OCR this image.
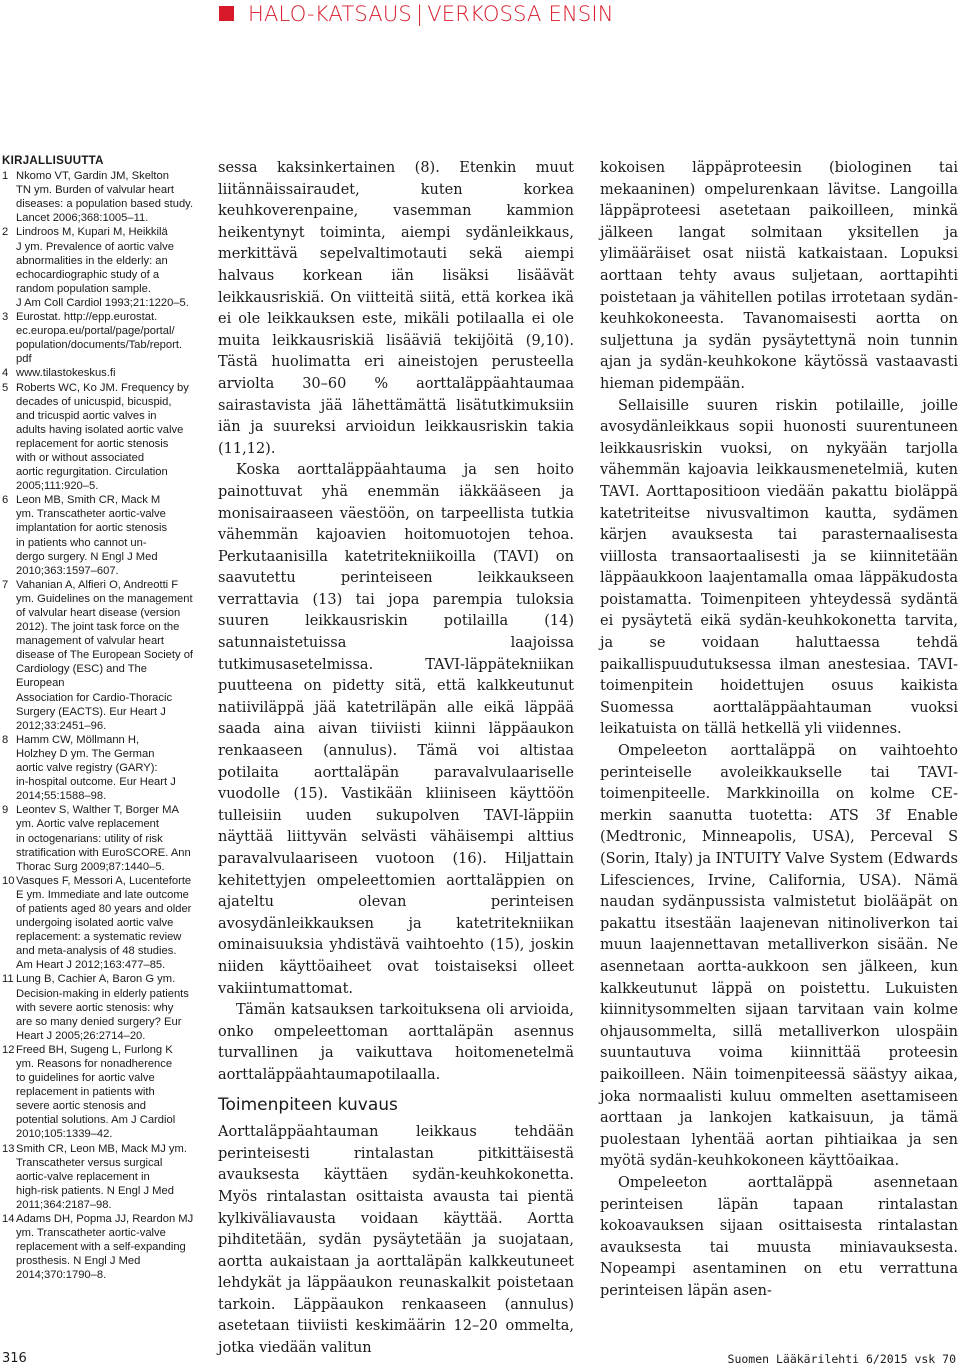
HALO-KATSAUS | VERKOSSA ENSIN
KIRJALLISUUTTA
1 Nkomo VT, Gardin JM, Skelton
TN ym. Burden of valvular heart
diseases: a population based study.
Lancet 2006;368:1005–11.
2 Lindroos M, Kupari M, Heikkilä
J ym. Prevalence of aortic valve
abnormalities in the elderly: an
echocardiographic study of a
random population sample.
J Am Coll Cardiol 1993;21:1220–5.
3 Eurostat. http://epp.eurostat.
ec.europa.eu/portal/page/portal/
population/documents/Tab/report.
pdf
4 www.tilastokeskus.fi
5 Roberts WC, Ko JM. Frequency by
decades of unicuspid, bicuspid,
and tricuspid aortic valves in
adults having isolated aortic valve
replacement for aortic stenosis
with or without associated
aortic regurgitation. Circulation
2005;111:920–5.
6 Leon MB, Smith CR, Mack M
ym. Transcatheter aortic-valve
implantation for aortic stenosis
in patients who cannot un-
dergo surgery. N Engl J Med
2010;363:1597–607.
7 Vahanian A, Alfieri O, Andreotti F
ym. Guidelines on the management
of valvular heart disease (version
2012). The joint task force on the
management of valvular heart
disease of The European Society of
Cardiology (ESC) and The European
Association for Cardio-Thoracic
Surgery (EACTS). Eur Heart J
2012;33:2451–96.
8 Hamm CW, Möllmann H,
Holzhey D ym. The German
aortic valve registry (GARY):
in-hospital outcome. Eur Heart J
2014;55:1588–98.
9 Leontev S, Walther T, Borger MA
ym. Aortic valve replacement
in octogenarians: utility of risk
stratification with EuroSCORE. Ann
Thorac Surg 2009;87:1440–5.
10 Vasques F, Messori A, Lucenteforte
E ym. Immediate and late outcome
of patients aged 80 years and older
undergoing isolated aortic valve
replacement: a systematic review
and meta-analysis of 48 studies.
Am Heart J 2012;163:477–85.
11 Lung B, Cachier A, Baron G ym.
Decision-making in elderly patients
with severe aortic stenosis: why
are so many denied surgery? Eur
Heart J 2005;26:2714–20.
12 Freed BH, Sugeng L, Furlong K
ym. Reasons for nonadherence
to guidelines for aortic valve
replacement in patients with
severe aortic stenosis and
potential solutions. Am J Cardiol
2010;105:1339–42.
13 Smith CR, Leon MB, Mack MJ ym.
Transcatheter versus surgical
aortic-valve replacement in
high-risk patients. N Engl J Med
2011;364:2187–98.
14 Adams DH, Popma JJ, Reardon MJ
ym. Transcatheter aortic-valve
replacement with a self-expanding
prosthesis. N Engl J Med
2014;370:1790–8.

sessa kaksinkertainen (8). Etenkin muut liitännäissairaudet, kuten korkea keuhkoverenpaine, vasemman kammion heikentynyt toiminta, aiempi sydänleikkaus, merkittävä sepelvaltimotauti sekä aiempi halvaus korkean iän lisäksi lisäävät leikkausriskiä. On viitteitä siitä, että korkea ikä ei ole leikkauksen este, mikäli potilaalla ei ole muita leikkausriskiä lisääviä tekijöitä (9,10). Tästä huolimatta eri aineistojen perusteella arviolta 30–60 % aorttaläppäahtaumaa sairastavista jää lähettämättä lisätutkimuksiin iän ja suureksi arvioidun leikkausriskin takia (11,12).

Koska aorttaläppäahtauma ja sen hoito painottuvat yhä enemmän iäkkääseen ja monisairaaseen väestöön, on tarpeellista tutkia vähemmän kajoavien hoitomuotojen tehoa. Perkutaanisilla katetritekniikoilla (TAVI) on saavutettu perinteiseen leikkaukseen verrattavia (13) tai jopa parempia tuloksia suuren leikkausriskin potilailla (14) satunnaistetuissa laajoissa tutkimusasetelmissa. TAVI-läppätekniikan puutteena on pidetty sitä, että kalkkeutunut natiiviläppä jää katetriläpän alle eikä läppää saada aina aivan tiiviisti kiinni läppäaukon renkaaseen (annulus). Tämä voi altistaa potilaita aorttaläpän paravalvulaariselle vuodolle (15). Vastikään kliiniseen käyttöön tulleisiin uuden sukupolven TAVI-läppiin näyttää liittyvän selvästi vähäisempi alttius paravalvulaariseen vuotoon (16). Hiljattain kehitettyjen ompeleettomien aorttaläppien on ajateltu olevan perinteisen avosydänleikkauksen ja katetritekniikan ominaisuuksia yhdistävä vaihtoehto (15), joskin niiden käyttöaiheet ovat toistaiseksi olleet vakiintumattomat.

Tämän katsauksen tarkoituksena oli arvioida, onko ompeleettoman aorttaläpän asennus turvallinen ja vaikuttava hoitomenetelmä aorttaläppäahtaumapotilaalla.

Toimenpiteen kuvaus

Aorttaläppäahtauman leikkaus tehdään perinteisesti rintalastan pitkittäisestä avauksesta käyttäen sydän-keuhkokonetta. Myös rintalastan osittaista avausta tai pientä kylkiväliavausta voidaan käyttää. Aortta pihditetään, sydän pysäytetään ja suojataan, aortta aukaistaan ja aorttaläpän kalkkeutuneet lehdykät ja läppäaukon reunaskalkit poistetaan tarkoin. Läppäaukon renkaaseen (annulus) asetetaan tiiviisti keskimäärin 12–20 ommelta, jotka viedään valitun

kokoisen läppäproteesin (biologinen tai mekaaninen) ompelurenkaan lävitse. Langoilla läppäproteesi asetetaan paikoilleen, minkä jälkeen langat solmitaan yksitellen ja ylimääräiset osat niistä katkaistaan. Lopuksi aorttaan tehty avaus suljetaan, aorttapihti poistetaan ja vähitellen potilas irrotetaan sydän-keuhkokoneesta. Tavanomaisesti aortta on suljettuna ja sydän pysäytettynä noin tunnin ajan ja sydän-keuhkokone käytössä vastaavasti hieman pidempään.

Sellaisille suuren riskin potilaille, joille avosydänleikkaus sopii huonosti suurentuneen leikkausriskin vuoksi, on nykyään tarjolla vähemmän kajoavia leikkausmenetelmiä, kuten TAVI. Aorttapositioon viedään pakattu bioläppä katetriteitse nivusvaltimon kautta, sydämen kärjen avauksesta tai parasternaalisesta viillosta transaortaalisesti ja se kiinnitetään läppäaukkoon laajentamalla omaa läppäkudosta poistamatta. Toimenpiteen yhteydessä sydäntä ei pysäytetä eikä sydän-keuhkokonetta tarvita, ja se voidaan haluttaessa tehdä paikallispuudutuksessa ilman anestesiaa. TAVI-toimenpitein hoidettujen osuus kaikista Suomessa aorttaläppäahtauman vuoksi leikatuista on tällä hetkellä yli viidennes.

Ompeleeton aorttaläppä on vaihtoehto perinteiselle avoleikkaukselle tai TAVI-toimenpiteelle. Markkinoilla on kolme CE-merkin saanutta tuotetta: ATS 3f Enable (Medtronic, Minneapolis, USA), Perceval S (Sorin, Italy) ja INTUITY Valve System (Edwards Lifesciences, Irvine, California, USA). Nämä naudan sydänpussista valmistetut biolääpät on pakattu itsestään laajenevan nitinoliverkon tai muun laajennettavan metalliverkon sisään. Ne asennetaan aortta-aukkoon sen jälkeen, kun kalkkeutunut läppä on poistettu. Lukuisten kiinnitysommelten sijaan tarvitaan vain kolme ohjausommelta, sillä metalliverkon ulospäin suuntautuva voima kiinnittää proteesin paikoilleen. Näin toimenpiteessä säästyy aikaa, joka normaalisti kuluu ommelten asettamiseen aorttaan ja lankojen katkaisuun, ja tämä puolestaan lyhentää aortan pihtiaikaa ja sen myötä sydän-keuhkokoneen käyttöaikaa.

Ompeleeton aorttaläppä asennetaan perinteisen läpän tapaan rintalastan kokoavauksen sijaan osittaisesta rintalastan avauksesta tai muusta miniavauksesta. Nopeampi asentaminen on etu verrattuna perinteisen läpän asen-

316	Suomen Lääkärilehti 6/2015 vsk 70
